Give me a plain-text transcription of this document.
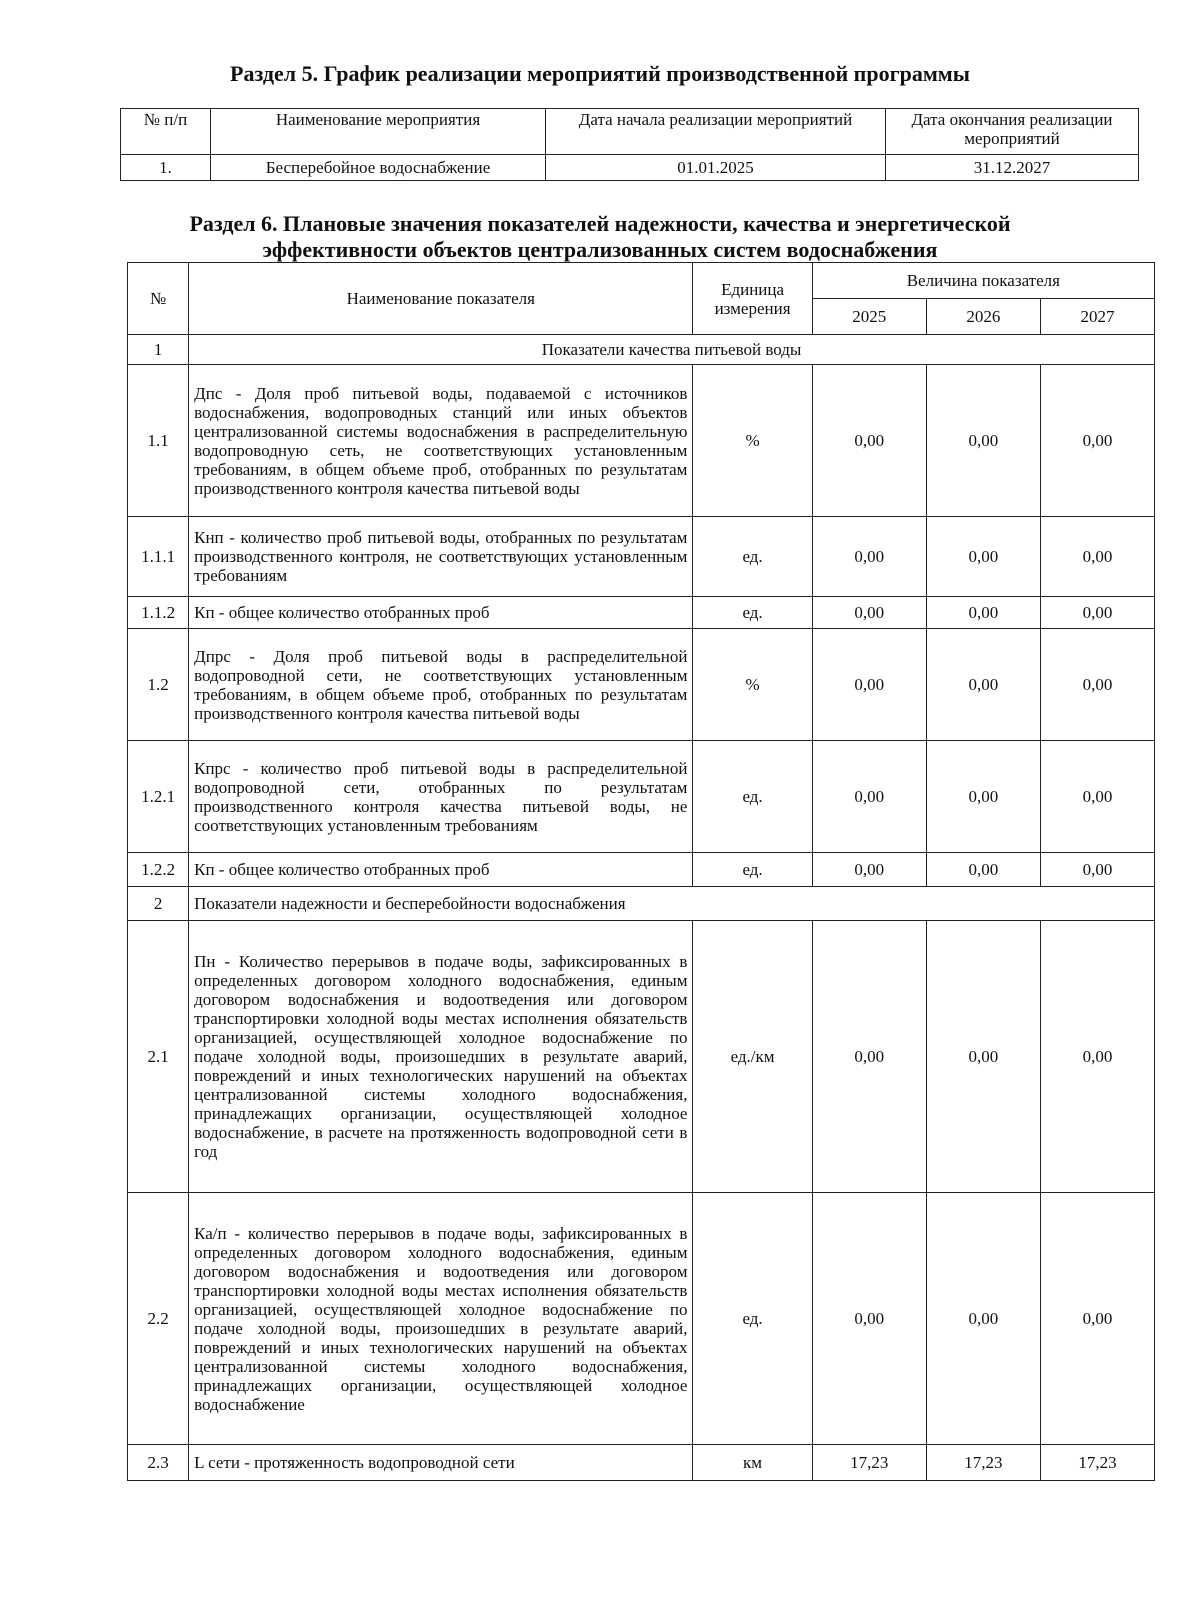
Раздел 5. График реализации мероприятий производственной программы
№ п/п	Наименование мероприятия	Дата начала реализации мероприятий	Дата окончания реализации мероприятий
1.	Бесперебойное водоснабжение	01.01.2025	31.12.2027
Раздел 6. Плановые значения показателей надежности, качества и энергетической
эффективности объектов централизованных систем водоснабжения
№	Наименование показателя	Единица измерения	Величина показателя		
			2025	2026	2027
1	Показатели качества питьевой воды				
1.1	Дпс - Доля проб питьевой воды, подаваемой с источников водоснабжения, водопроводных станций или иных объектов централизованной системы водоснабжения в распределительную водопроводную сеть, не соответствующих установленным требованиям, в общем объеме проб, отобранных по результатам производственного контроля качества питьевой воды	%	0,00	0,00	0,00
1.1.1	Кнп - количество проб питьевой воды, отобранных по результатам производственного контроля, не соответствующих установленным требованиям	ед.	0,00	0,00	0,00
1.1.2	Кп - общее количество отобранных проб	ед.	0,00	0,00	0,00
1.2	Дпрс - Доля проб питьевой воды в распределительной водопроводной сети, не соответствующих установленным требованиям, в общем объеме проб, отобранных по результатам производственного контроля качества питьевой воды	%	0,00	0,00	0,00
1.2.1	Кпрс - количество проб питьевой воды в распределительной водопроводной сети, отобранных по результатам производственного контроля качества питьевой воды, не соответствующих установленным требованиям	ед.	0,00	0,00	0,00
1.2.2	Кп - общее количество отобранных проб	ед.	0,00	0,00	0,00
2	Показатели надежности и бесперебойности водоснабжения				
2.1	Пн - Количество перерывов в подаче воды, зафиксированных в определенных договором холодного водоснабжения, единым договором водоснабжения и водоотведения или договором транспортировки холодной воды местах исполнения обязательств организацией, осуществляющей холодное водоснабжение по подаче холодной воды, произошедших в результате аварий, повреждений и иных технологических нарушений на объектах централизованной системы холодного водоснабжения, принадлежащих организации, осуществляющей холодное водоснабжение, в расчете на протяженность водопроводной сети в год	ед./км	0,00	0,00	0,00
2.2	Ка/п - количество перерывов в подаче воды, зафиксированных в определенных договором холодного водоснабжения, единым договором водоснабжения и водоотведения или договором транспортировки холодной воды местах исполнения обязательств организацией, осуществляющей холодное водоснабжение по подаче холодной воды, произошедших в результате аварий, повреждений и иных технологических нарушений на объектах централизованной системы холодного водоснабжения, принадлежащих организации, осуществляющей холодное водоснабжение	ед.	0,00	0,00	0,00
2.3	L сети - протяженность водопроводной сети	км	17,23	17,23	17,23
